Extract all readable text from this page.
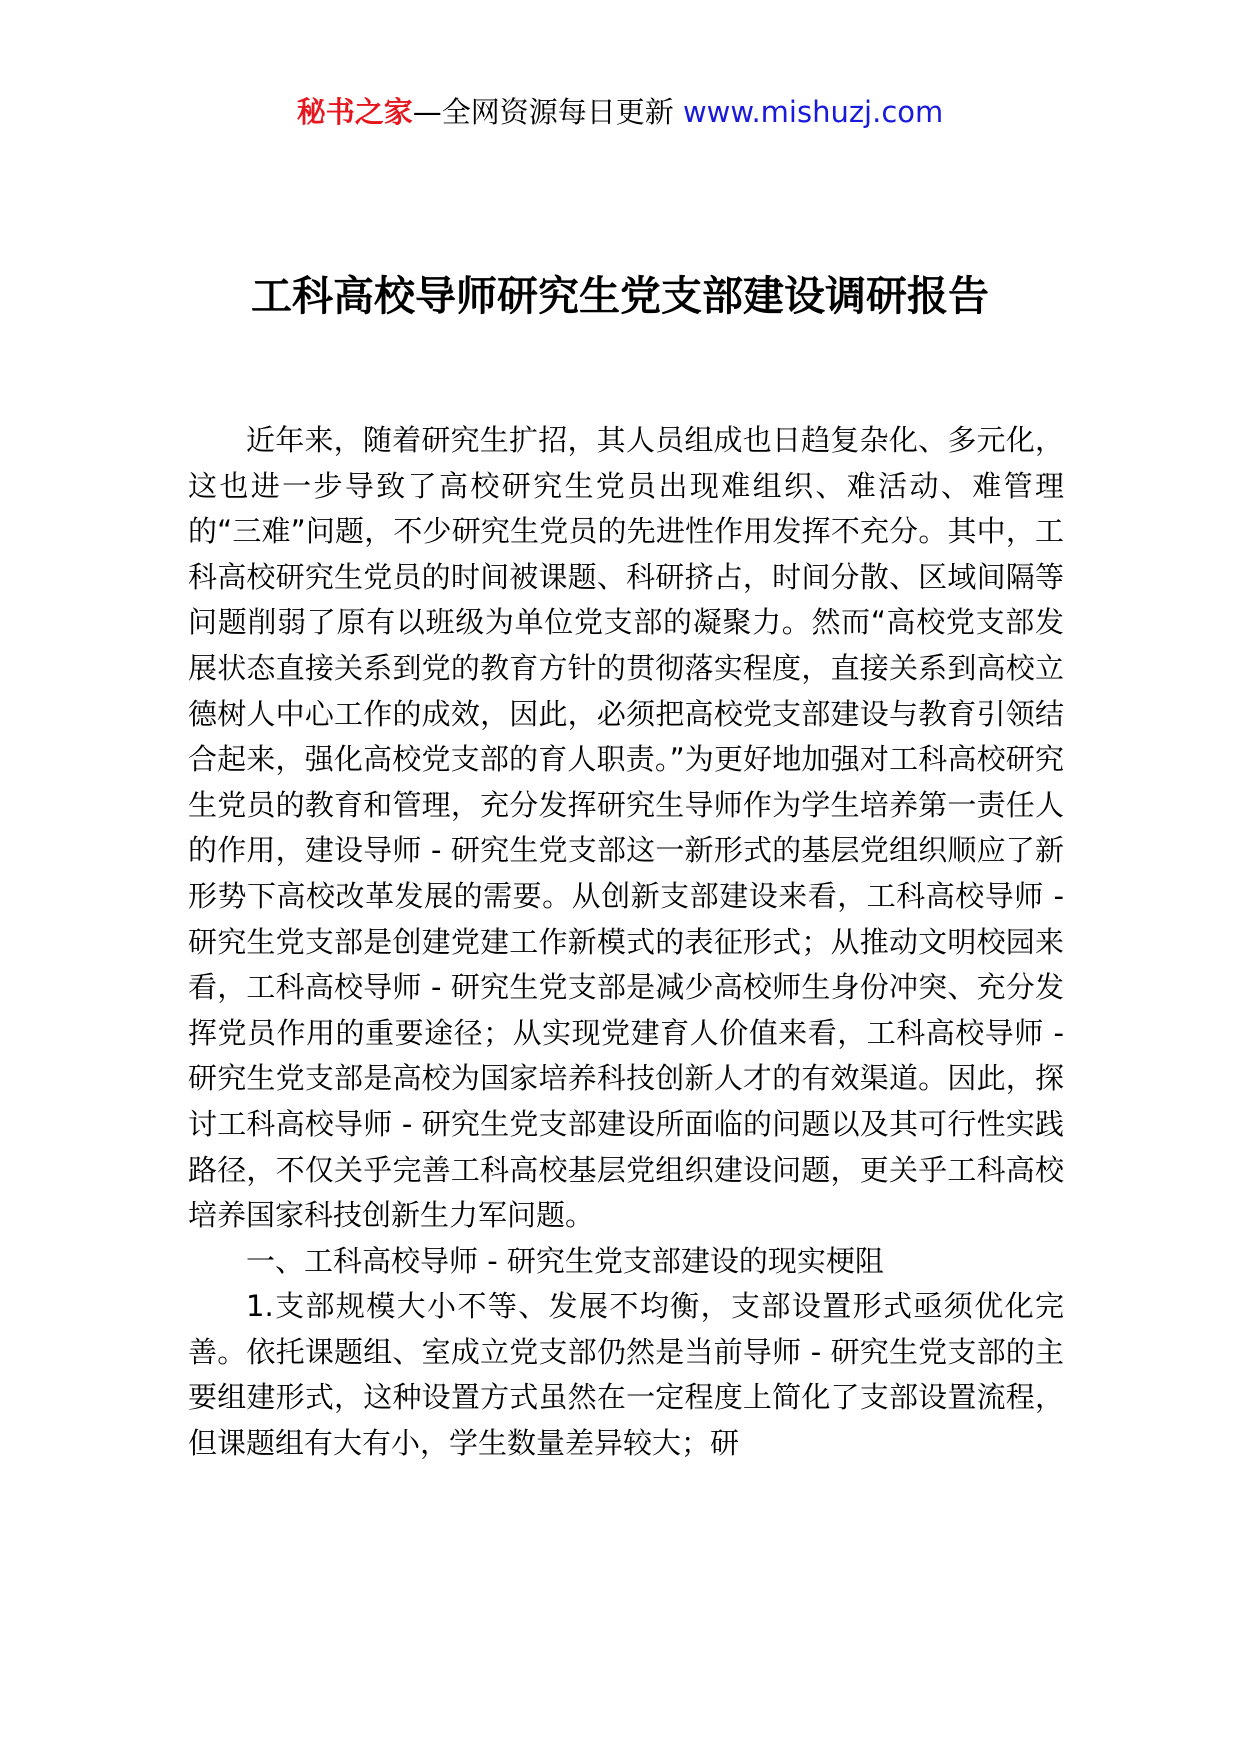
秘书之家—全网资源每日更新 www.mishuzj.com
工科高校导师研究生党支部建设调研报告

近年来，随着研究生扩招，其人员组成也日趋复杂化、多元化，这也进一步导致了高校研究生党员出现难组织、难活动、难管理的“三难”问题，不少研究生党员的先进性作用发挥不充分。其中，工科高校研究生党员的时间被课题、科研挤占，时间分散、区域间隔等问题削弱了原有以班级为单位党支部的凝聚力。然而“高校党支部发展状态直接关系到党的教育方针的贯彻落实程度，直接关系到高校立德树人中心工作的成效，因此，必须把高校党支部建设与教育引领结合起来，强化高校党支部的育人职责。”为更好地加强对工科高校研究生党员的教育和管理，充分发挥研究生导师作为学生培养第一责任人的作用，建设导师 - 研究生党支部这一新形式的基层党组织顺应了新形势下高校改革发展的需要。从创新支部建设来看，工科高校导师 - 研究生党支部是创建党建工作新模式的表征形式；从推动文明校园来看，工科高校导师 - 研究生党支部是减少高校师生身份冲突、充分发挥党员作用的重要途径；从实现党建育人价值来看，工科高校导师 - 研究生党支部是高校为国家培养科技创新人才的有效渠道。因此，探讨工科高校导师 - 研究生党支部建设所面临的问题以及其可行性实践路径，不仅关乎完善工科高校基层党组织建设问题，更关乎工科高校培养国家科技创新生力军问题。

一、工科高校导师 - 研究生党支部建设的现实梗阻

1.支部规模大小不等、发展不均衡，支部设置形式亟须优化完善。依托课题组、室成立党支部仍然是当前导师 - 研究生党支部的主要组建形式，这种设置方式虽然在一定程度上简化了支部设置流程，但课题组有大有小，学生数量差异较大；研
